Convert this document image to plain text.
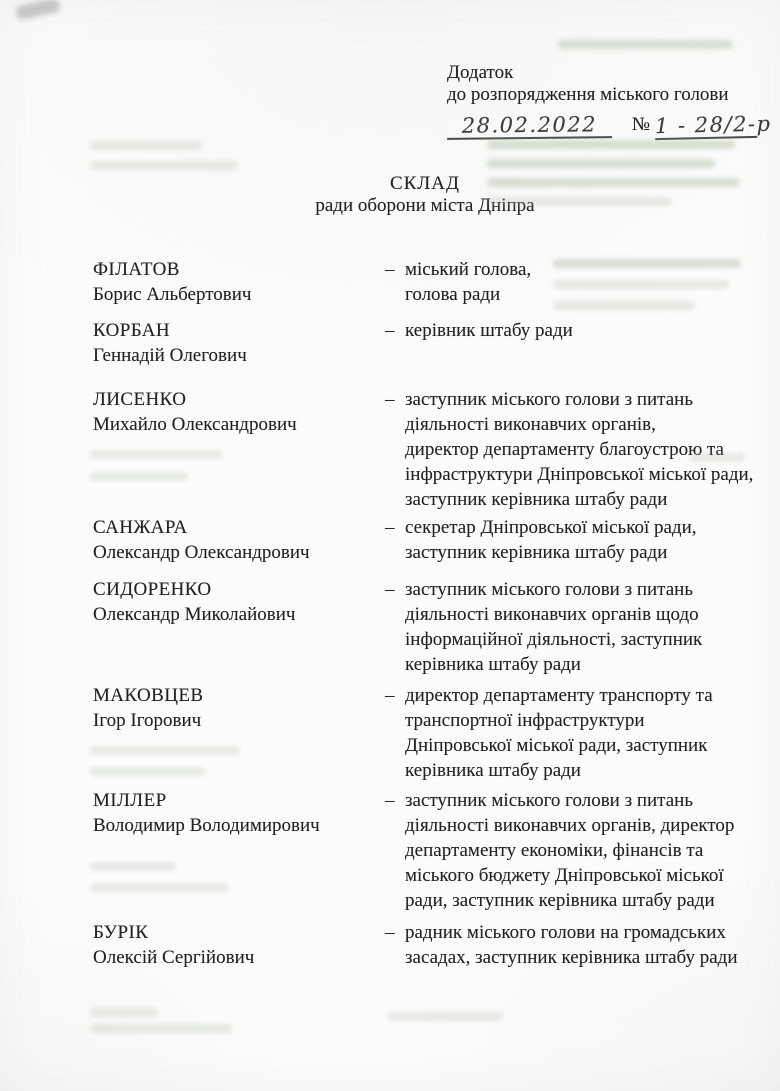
Додаток
до розпорядження міського голови
28.02.2022	№ 1 - 28/2-р
СКЛАД
ради оборони міста Дніпра
ФІЛАТОВ
Борис Альбертович
– міський голова,
голова ради
КОРБАН
Геннадій Олегович
– керівник штабу ради
ЛИСЕНКО
Михайло Олександрович
– заступник міського голови з питань
діяльності виконавчих органів,
директор департаменту благоустрою та
інфраструктури Дніпровської міської ради,
заступник керівника штабу ради
САНЖАРА
Олександр Олександрович
– секретар Дніпровської міської ради,
заступник керівника штабу ради
СИДОРЕНКО
Олександр Миколайович
– заступник міського голови з питань
діяльності виконавчих органів щодо
інформаційної діяльності, заступник
керівника штабу ради
МАКОВЦЕВ
Ігор Ігорович
– директор департаменту транспорту та
транспортної інфраструктури
Дніпровської міської ради, заступник
керівника штабу ради
МІЛЛЕР
Володимир Володимирович
– заступник міського голови з питань
діяльності виконавчих органів, директор
департаменту економіки, фінансів та
міського бюджету Дніпровської міської
ради, заступник керівника штабу ради
БУРІК
Олексій Сергійович
– радник міського голови на громадських
засадах, заступник керівника штабу ради
